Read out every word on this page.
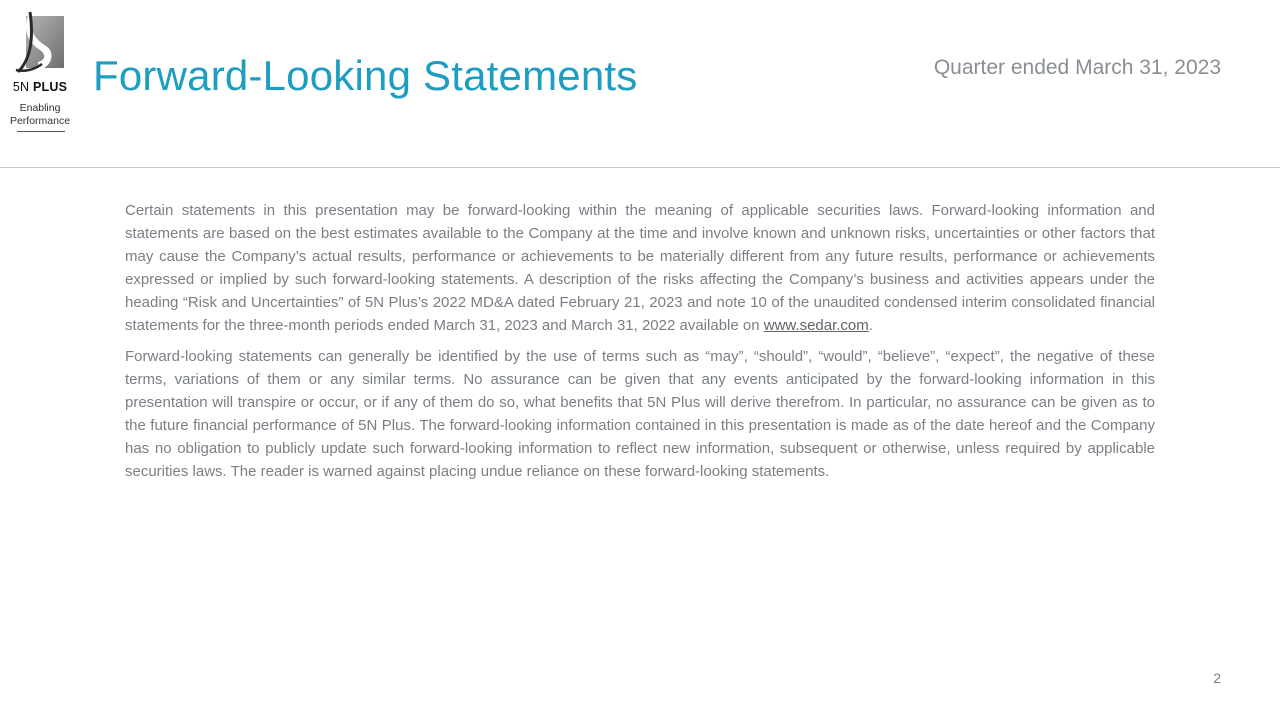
5N PLUS
Enabling
Performance
Forward-Looking Statements	Quarter ended March 31, 2023

Certain statements in this presentation may be forward-looking within the meaning of applicable securities laws. Forward-looking information and statements are based on the best estimates available to the Company at the time and involve known and unknown risks, uncertainties or other factors that may cause the Company’s actual results, performance or achievements to be materially different from any future results, performance or achievements expressed or implied by such forward-looking statements. A description of the risks affecting the Company’s business and activities appears under the heading “Risk and Uncertainties” of 5N Plus’s 2022 MD&A dated February 21, 2023 and note 10 of the unaudited condensed interim consolidated financial statements for the three-month periods ended March 31, 2023 and March 31, 2022 available on www.sedar.com.

Forward-looking statements can generally be identified by the use of terms such as “may”, “should”, “would”, “believe”, “expect”, the negative of these terms, variations of them or any similar terms. No assurance can be given that any events anticipated by the forward-looking information in this presentation will transpire or occur, or if any of them do so, what benefits that 5N Plus will derive therefrom. In particular, no assurance can be given as to the future financial performance of 5N Plus. The forward-looking information contained in this presentation is made as of the date hereof and the Company has no obligation to publicly update such forward-looking information to reflect new information, subsequent or otherwise, unless required by applicable securities laws. The reader is warned against placing undue reliance on these forward-looking statements.

2
